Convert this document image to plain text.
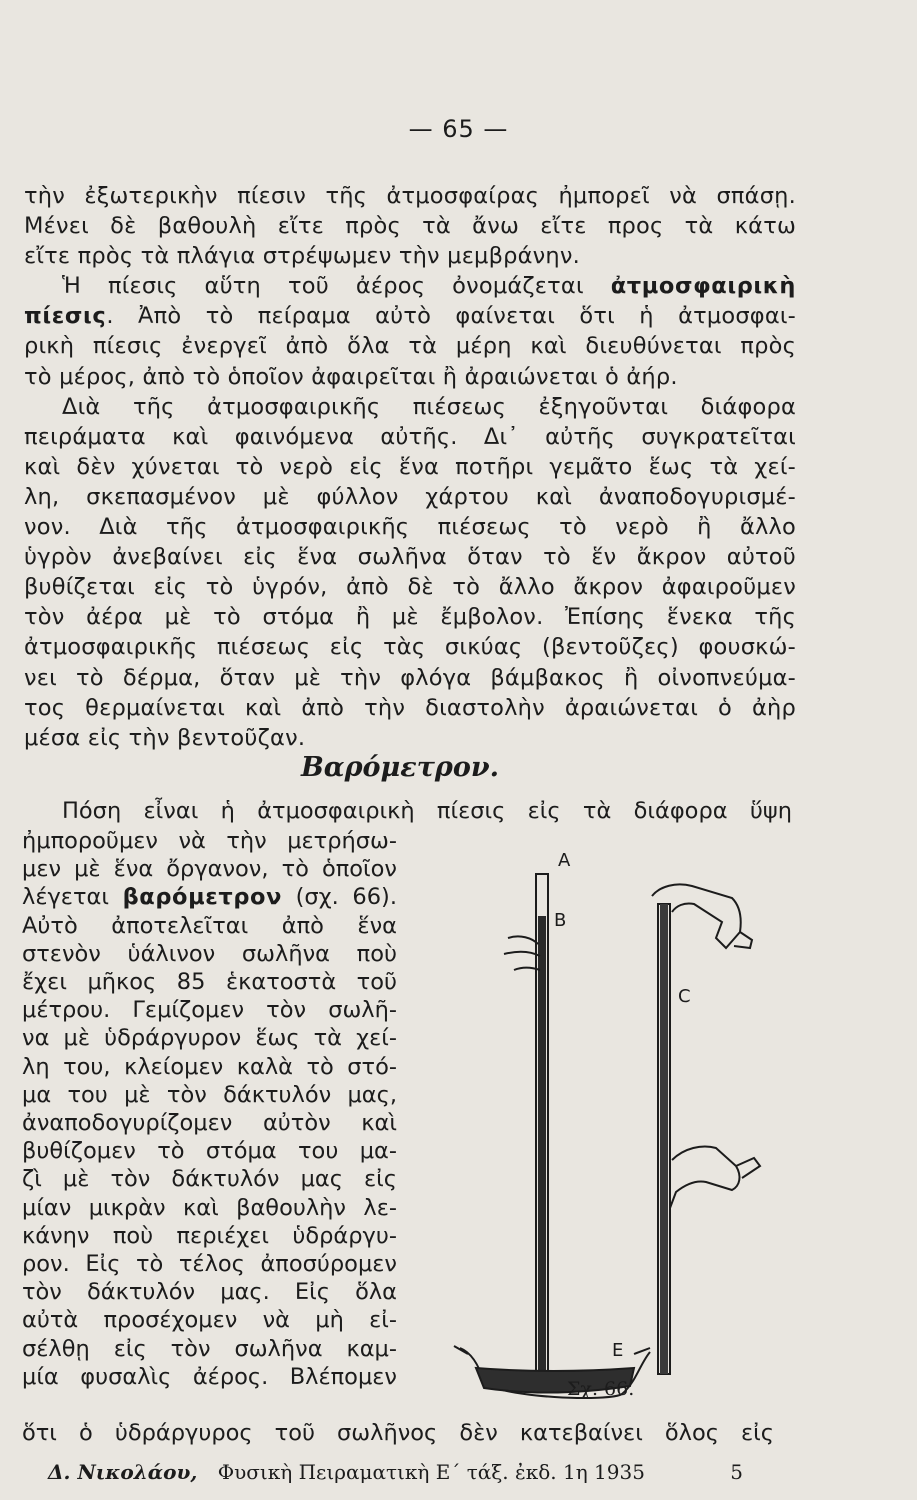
— 65 —
τὴν ἐξωτερικὴν πίεσιν τῆς ἀτμοσφαίρας ἠμπορεῖ νὰ σπάσῃ.
Μένει δὲ βαθουλὴ εἴτε πρὸς τὰ ἄνω εἴτε προς τὰ κάτω
εἴτε πρὸς τὰ πλάγια στρέψωμεν τὴν μεμβράνην.
Ἡ πίεσις αὕτη τοῦ ἀέρος ὀνομάζεται ἀτμοσφαιρικὴ
πίεσις. Ἀπὸ τὸ πείραμα αὐτὸ φαίνεται ὅτι ἡ ἀτμοσφαι-
ρικὴ πίεσις ἐνεργεῖ ἀπὸ ὅλα τὰ μέρη καὶ διευθύνεται πρὸς
τὸ μέρος, ἀπὸ τὸ ὁποῖον ἀφαιρεῖται ἢ ἀραιώνεται ὁ ἀήρ.
Διὰ τῆς ἀτμοσφαιρικῆς πιέσεως ἐξηγοῦνται διάφορα
πειράματα καὶ φαινόμενα αὐτῆς. Δι᾽ αὐτῆς συγκρατεῖται
καὶ δὲν χύνεται τὸ νερὸ εἰς ἕνα ποτῆρι γεμᾶτο ἕως τὰ χεί-
λη, σκεπασμένον μὲ φύλλον χάρτου καὶ ἀναποδογυρισμέ-
νον. Διὰ τῆς ἀτμοσφαιρικῆς πιέσεως τὸ νερὸ ἢ ἄλλο
ὑγρὸν ἀνεβαίνει εἰς ἕνα σωλῆνα ὅταν τὸ ἕν ἄκρον αὐτοῦ
βυθίζεται εἰς τὸ ὑγρόν, ἀπὸ δὲ τὸ ἄλλο ἄκρον ἀφαιροῦμεν
τὸν ἀέρα μὲ τὸ στόμα ἢ μὲ ἔμβολον. Ἐπίσης ἕνεκα τῆς
ἀτμοσφαιρικῆς πιέσεως εἰς τὰς σικύας (βεντοῦζες) φουσκώ-
νει τὸ δέρμα, ὅταν μὲ τὴν φλόγα βάμβακος ἢ οἰνοπνεύμα-
τος θερμαίνεται καὶ ἀπὸ τὴν διαστολὴν ἀραιώνεται ὁ ἀὴρ
μέσα εἰς τὴν βεντοῦζαν.
Βαρόμετρον.
Πόση εἶναι ἡ ἀτμοσφαιρικὴ πίεσις εἰς τὰ διάφορα ὕψη
ἠμποροῦμεν νὰ τὴν μετρήσω-
μεν μὲ ἕνα ὄργανον, τὸ ὁποῖον
λέγεται βαρόμετρον (σχ. 66).
Αὐτὸ ἀποτελεῖται ἀπὸ ἕνα
στενὸν ὑάλινον σωλῆνα ποὺ
ἔχει μῆκος 85 ἑκατοστὰ τοῦ
μέτρου. Γεμίζομεν τὸν σωλῆ-
να μὲ ὑδράργυρον ἕως τὰ χεί-
λη του, κλείομεν καλὰ τὸ στό-
μα του μὲ τὸν δάκτυλόν μας,
ἀναποδογυρίζομεν αὐτὸν καὶ
βυθίζομεν τὸ στόμα του μα-
ζὶ μὲ τὸν δάκτυλόν μας εἰς
μίαν μικρὰν καὶ βαθουλὴν λε-
κάνην ποὺ περιέχει ὑδράργυ-
ρον. Εἰς τὸ τέλος ἀποσύρομεν
τὸν δάκτυλόν μας. Εἰς ὅλα
αὐτὰ προσέχομεν νὰ μὴ εἰ-
σέλθῃ εἰς τὸν σωλῆνα καμ-
μία φυσαλὶς ἀέρος. Βλέπομεν
A
B
C
E
Σχ. 66.
ὅτι ὁ ὑδράργυρος τοῦ σωλῆνος δὲν κατεβαίνει ὅλος εἰς
Δ. Νικολάου, Φυσικὴ Πειραματικὴ Ε΄ τάξ. ἐκδ. 1η 1935	5
